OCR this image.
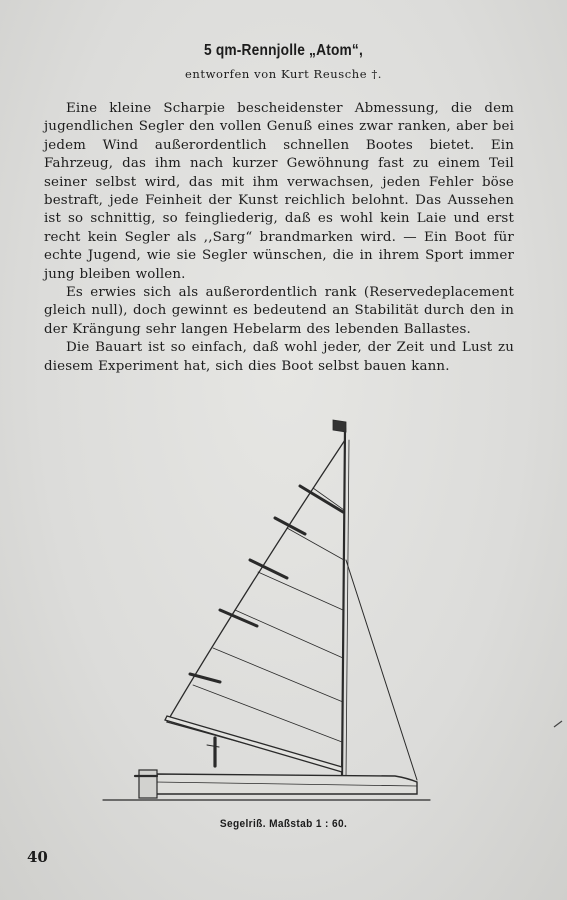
5 qm-Rennjolle „Atom“,
entworfen von Kurt Reusche †.

Eine kleine Scharpie bescheidenster Abmessung, die dem jugendlichen Segler den vollen Genuß eines zwar ranken, aber bei jedem Wind außerordentlich schnellen Bootes bietet. Ein Fahrzeug, das ihm nach kurzer Gewöhnung fast zu einem Teil seiner selbst wird, das mit ihm verwachsen, jeden Fehler böse bestraft, jede Feinheit der Kunst reichlich belohnt. Das Aussehen ist so schnittig, so feingliederig, daß es wohl kein Laie und erst recht kein Segler als ,,Sarg“ brandmarken wird. — Ein Boot für echte Jugend, wie sie Segler wünschen, die in ihrem Sport immer jung bleiben wollen.

Es erwies sich als außerordentlich rank (Reservedeplacement gleich null), doch gewinnt es bedeutend an Stabilität durch den in der Krängung sehr langen Hebelarm des lebenden Ballastes.

Die Bauart ist so einfach, daß wohl jeder, der Zeit und Lust zu diesem Experiment hat, sich dies Boot selbst bauen kann.

Segelriß. Maßstab 1 : 60.
40
